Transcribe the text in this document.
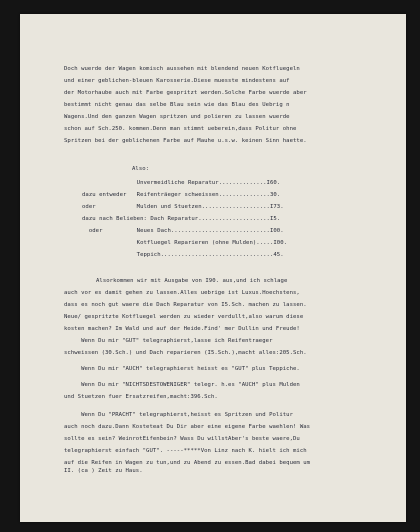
Doch wuerde der Wagen komisch aussehen mit blendend neuen Kotfluegeln
und einer geblichen-bleuen Karosserie.Diese muesste mindestens auf
der Motorhaube auch mit Farbe gespritzt werden.Solche Farbe wuerde aber
bestimmt nicht genau das selbe Blau sein wie das Blau des Uebrig n
Wagens.Und den ganzen Wagen spritzen und polieren zu lassen wuerde
schon auf Sch.250. kommen.Denn man stimmt ueberein,dass Politur ohne
Spritzen bei der geblichenen Farbe auf Mauhe u.s.w. keinen Sinn haette.
Also:
Unvermeidliche Reparatur..............I60.
dazu entweder   Reifenträeger schweissen...............30.
oder            Mulden und Stuetzen....................I73.
dazu nach Belieben: Dach Reparatur.....................I5.
oder          Neues Dach.............................I00.
Kotfluegel Reparieren (ohne Mulden).....I00.
Teppich.................................45.
Alsorkommen wir mit Ausgabe von I90. aus,und ich schlage
auch vor es damit gehen zu lassen.Alles uebrige ist Luxus.Hoechstens,
dass es noch gut waere die Dach Reparatur von I5.Sch. machen zu lassen.
Neue/ gespritzte Kotfluegel werden zu wieder verdullt,also warum diese
kosten machen? Im Wald und auf der Heide.Find' mer Dullin und Freude!
Wenn Du mir "GUT" telegraphierst,lasse ich Reifentraeger
schweissen (30.Sch.) und Dach reparieren (I5.Sch.),macht alles:205.Sch.
Wenn Du mir "AUCH" telegraphierst heisst es "GUT" plus Teppiche.
Wenn Du mir "NICHTSDESTOWENIGER" telegr. h.es "AUCH" plus Mulden
und Stuetzen fuer Ersatzreifen,macht:396.Sch.
Wenn Du "PRACHT" telegraphierst,heisst es Spritzen und Politur
auch noch dazu.Dann Kosteteat Du Dir aber eine eigene Farbe waehlen! Was
sollte es sein? WeinrotEifenbein? Wass Du willstAber's beste waere,Du
telegraphierst einfach "GUT". -----*****Von Linz nach K. hielt ich mich
auf die Reifen in Wagen zu tun,und zu Abend zu essen.Bad dabei bequem um
II. (ca ) Zeit zu Haus.
